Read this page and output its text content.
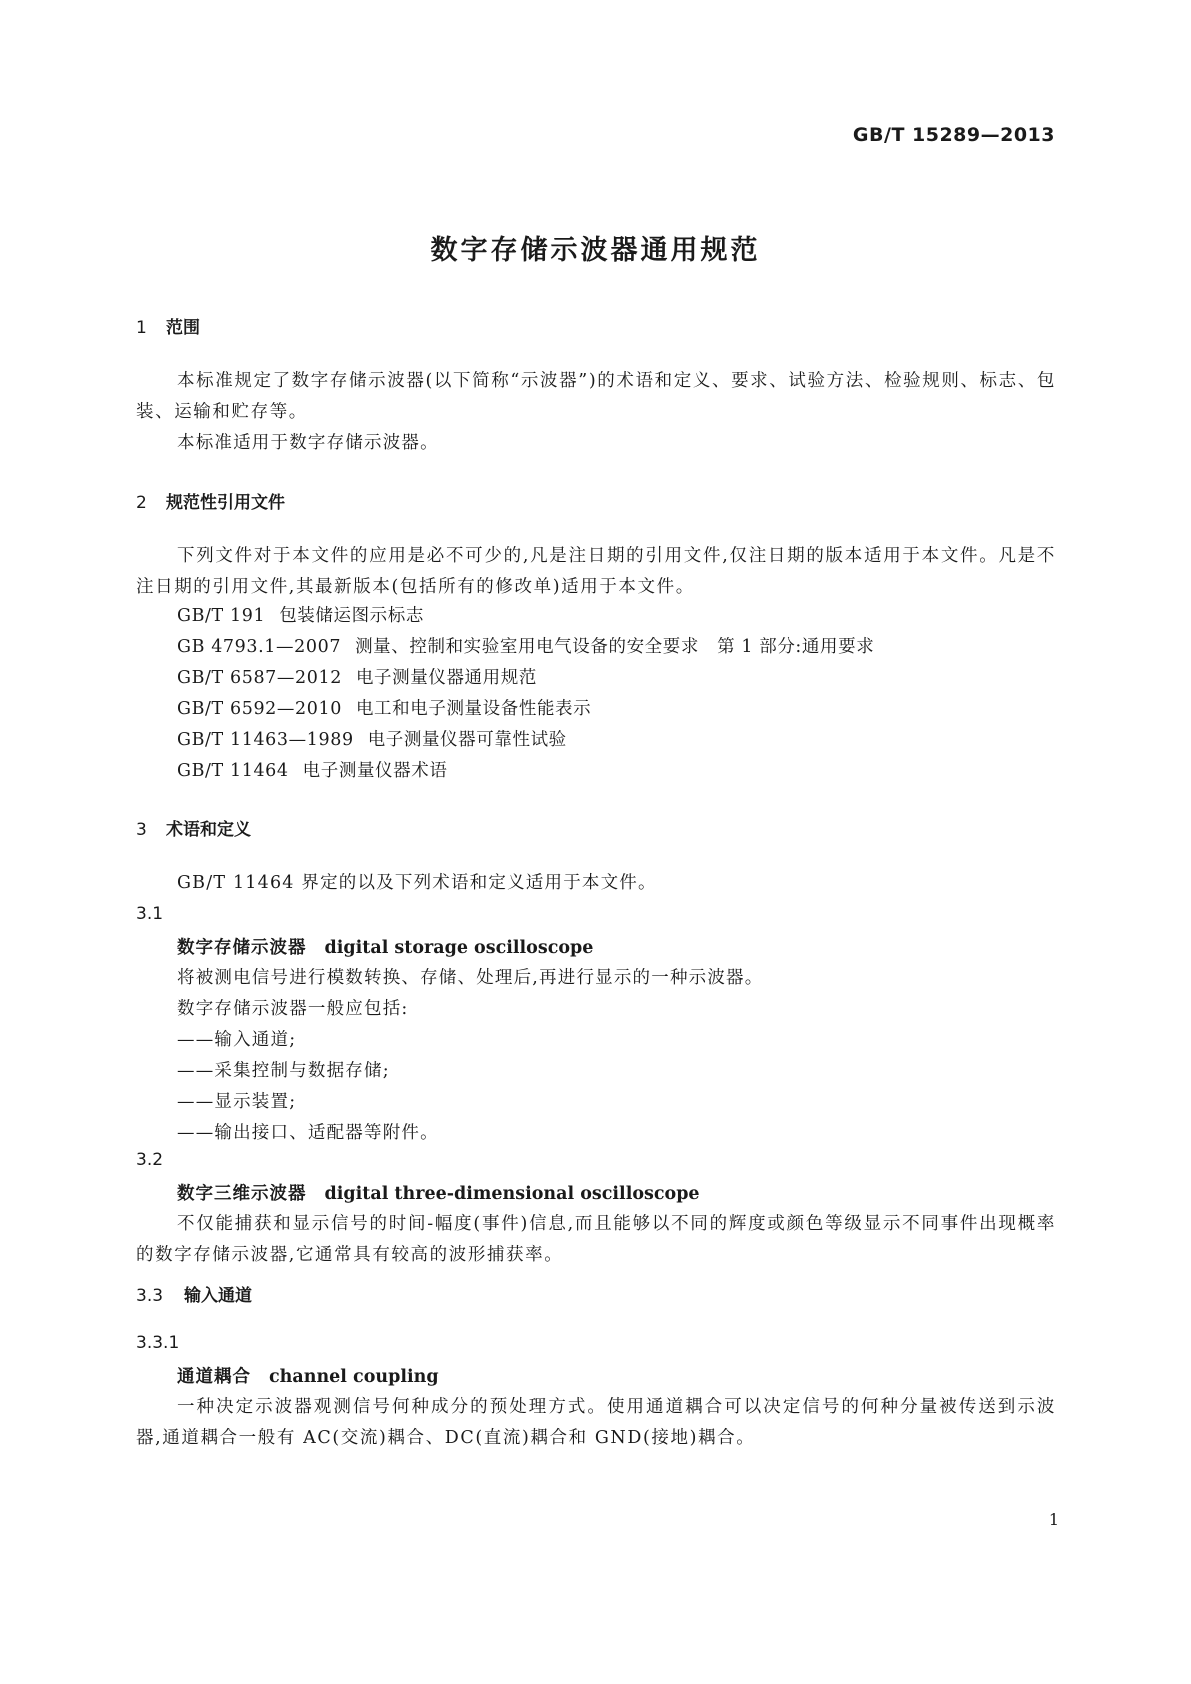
GB/T 15289—2013
数字存储示波器通用规范
1 范围
本标准规定了数字存储示波器(以下简称“示波器”)的术语和定义、要求、试验方法、检验规则、标志、包装、运输和贮存等。
本标准适用于数字存储示波器。
2 规范性引用文件
下列文件对于本文件的应用是必不可少的,凡是注日期的引用文件,仅注日期的版本适用于本文件。凡是不注日期的引用文件,其最新版本(包括所有的修改单)适用于本文件。
GB/T 191 包装储运图示标志
GB 4793.1—2007 测量、控制和实验室用电气设备的安全要求　第 1 部分:通用要求
GB/T 6587—2012 电子测量仪器通用规范
GB/T 6592—2010 电工和电子测量设备性能表示
GB/T 11463—1989 电子测量仪器可靠性试验
GB/T 11464 电子测量仪器术语
3 术语和定义
GB/T 11464 界定的以及下列术语和定义适用于本文件。
3.1
数字存储示波器 digital storage oscilloscope
将被测电信号进行模数转换、存储、处理后,再进行显示的一种示波器。
数字存储示波器一般应包括:
——输入通道;
——采集控制与数据存储;
——显示装置;
——输出接口、适配器等附件。
3.2
数字三维示波器 digital three-dimensional oscilloscope
不仅能捕获和显示信号的时间-幅度(事件)信息,而且能够以不同的辉度或颜色等级显示不同事件出现概率的数字存储示波器,它通常具有较高的波形捕获率。
3.3 输入通道
3.3.1
通道耦合 channel coupling
一种决定示波器观测信号何种成分的预处理方式。使用通道耦合可以决定信号的何种分量被传送到示波器,通道耦合一般有 AC(交流)耦合、DC(直流)耦合和 GND(接地)耦合。
1
